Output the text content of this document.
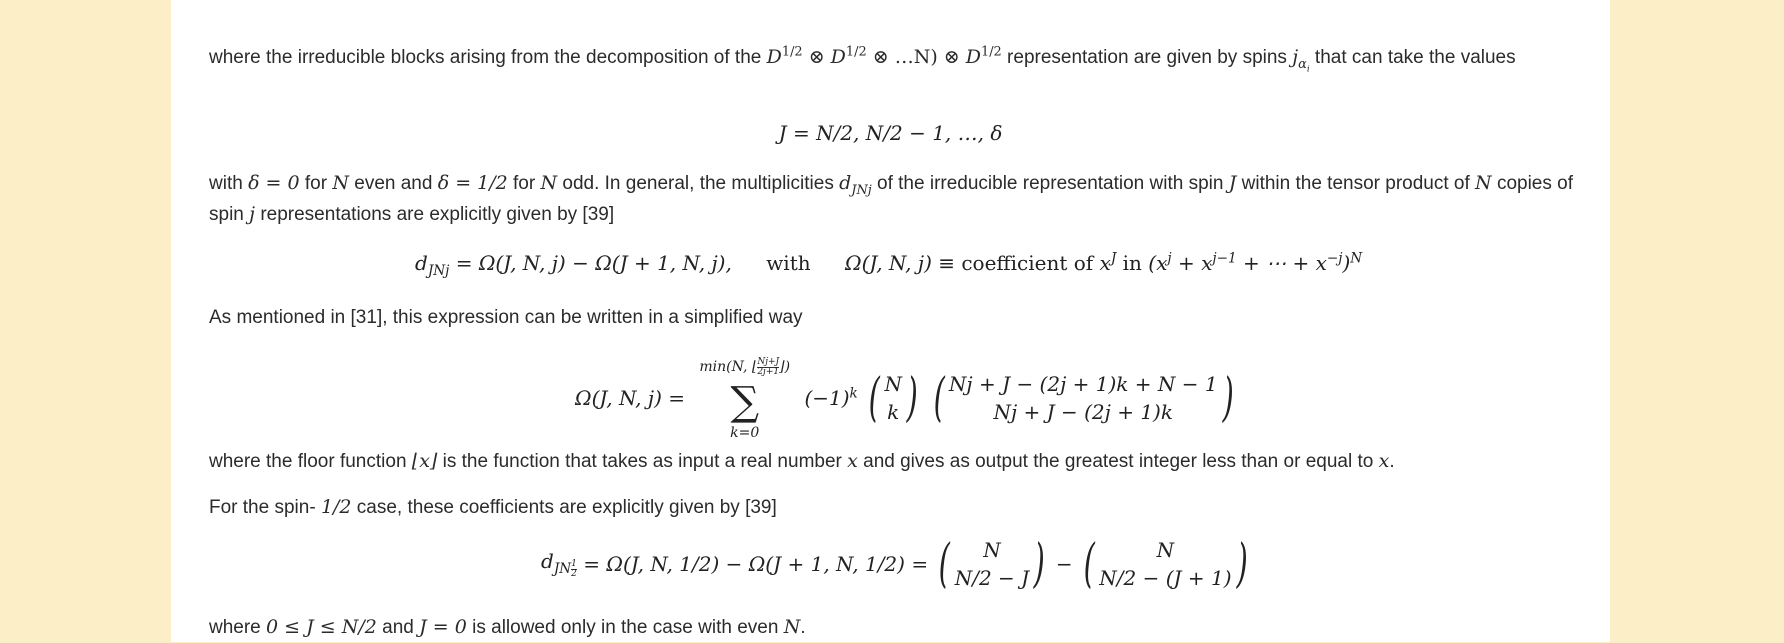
where the irreducible blocks arising from the decomposition of the $D^{1/2}$ ⊗ $D^{1/2}$ ⊗ …N) ⊗ $D^{1/2}$ representation are given by spins $j_{\alpha_i}$ that can take the values

J = N/2, N/2 − 1, …, δ

with δ = 0 for N even and δ = 1/2 for N odd. In general, the multiplicities $d_{JNj}$ of the irreducible representation with spin J within the tensor product of N copies of spin j representations are explicitly given by [39]

$d_{JNj} = \Omega(J$, N, j) − Ω(J + 1, N, j), with Ω(J, N, j) ≡ coefficient of $x^J$ in ($x^j + x^{j-1}$ + ⋯ + $x^{-j})^N$

As mentioned in [31], this expression can be written in a simplified way

Ω(J, N, j) =
min(N, ⌊ $\frac{Nj+J}{2j+1}$ ⌋)
∑
k=0
$(-1)^k$ ( N
k )
( Nj + J − (2j + 1)k + N − 1
Nj + J − (2j + 1)k )

where the floor function ⌊x⌋ is the function that takes as input a real number x and gives as output the greatest integer less than or equal to x.

For the spin- 1/2 case, these coefficients are explicitly given by [39]

$d_{JN \frac{1}{2}} = \Omega(J$, N, 1/2) − Ω(J + 1, N, 1/2) = ( N
N/2 − J ) − (	N
N/2 − (J + 1) )

where 0 ≤ J ≤ N/2 and J = 0 is allowed only in the case with even N.
